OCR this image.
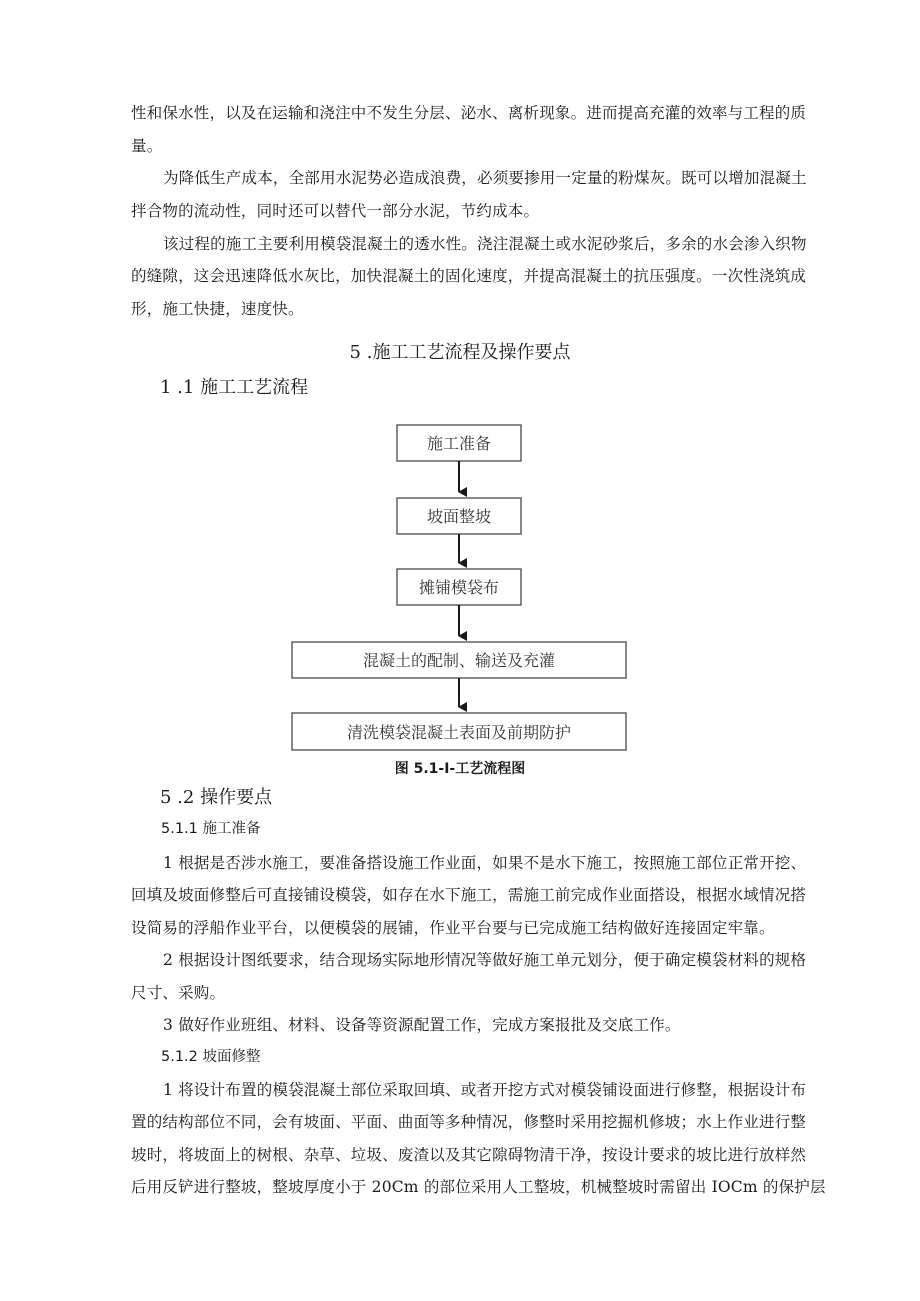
性和保水性，以及在运输和浇注中不发生分层、泌水、离析现象。进而提高充灌的效率与工程的质
量。
为降低生产成本，全部用水泥势必造成浪费，必须要掺用一定量的粉煤灰。既可以增加混凝土
拌合物的流动性，同时还可以替代一部分水泥，节约成本。
该过程的施工主要利用模袋混凝土的透水性。浇注混凝土或水泥砂浆后，多余的水会渗入织物
的缝隙，这会迅速降低水灰比，加快混凝土的固化速度，并提高混凝土的抗压强度。一次性浇筑成
形，施工快捷，速度快。
5 .施工工艺流程及操作要点
1 .1 施工工艺流程
施工准备
坡面整坡
摊铺模袋布
混凝土的配制、输送及充灌
清洗模袋混凝土表面及前期防护
图 5.1-I-工艺流程图
5 .2 操作要点
5.1.1 施工准备
1 根据是否涉水施工，要准备搭设施工作业面，如果不是水下施工，按照施工部位正常开挖、
回填及坡面修整后可直接铺设模袋，如存在水下施工，需施工前完成作业面搭设，根据水域情况搭
设简易的浮船作业平台，以便模袋的展铺，作业平台要与已完成施工结构做好连接固定牢靠。
2 根据设计图纸要求，结合现场实际地形情况等做好施工单元划分，便于确定模袋材料的规格
尺寸、采购。
3 做好作业班组、材料、设备等资源配置工作，完成方案报批及交底工作。
5.1.2 坡面修整
1 将设计布置的模袋混凝土部位采取回填、或者开挖方式对模袋铺设面进行修整，根据设计布
置的结构部位不同，会有坡面、平面、曲面等多种情况，修整时采用挖掘机修坡；水上作业进行整
坡时，将坡面上的树根、杂草、垃圾、废渣以及其它隙碍物清干净，按设计要求的坡比进行放样然
后用反铲进行整坡，整坡厚度小于 20Cm 的部位采用人工整坡，机械整坡时需留出 IOCm 的保护层
